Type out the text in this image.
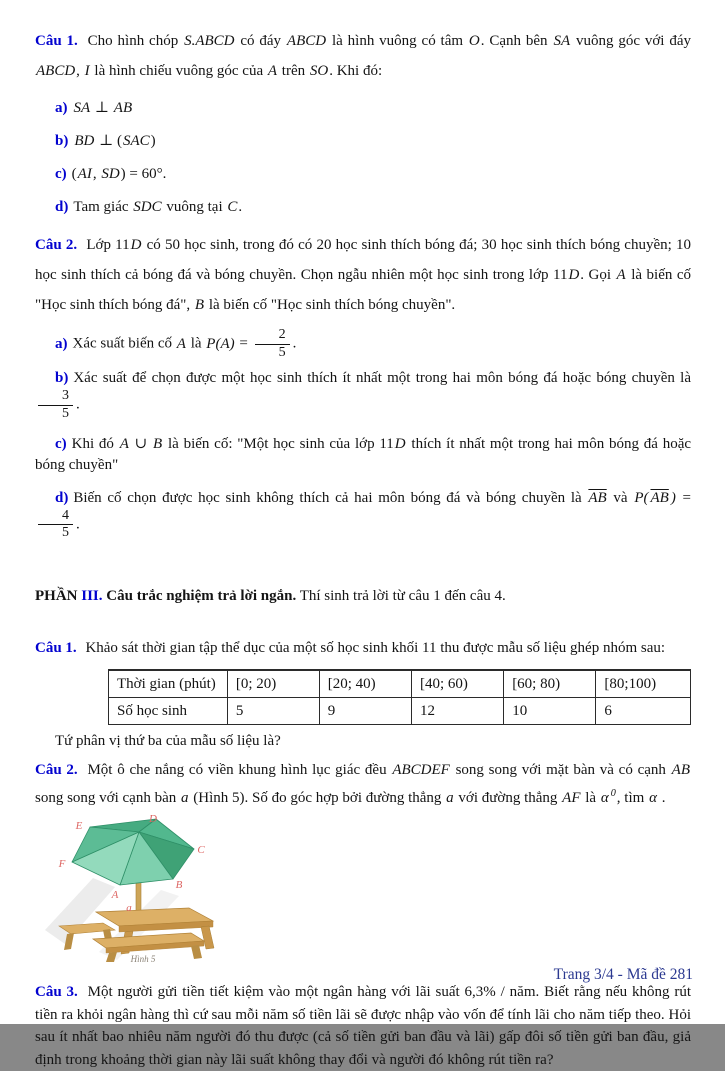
Câu 1. Cho hình chóp S.ABCD có đáy ABCD là hình vuông có tâm O. Cạnh bên SA vuông góc với đáy ABCD, I là hình chiếu vuông góc của A trên SO. Khi đó:

a) SA ⊥ AB

b) BD ⊥ (SAC)

c) (AI, SD) = 60°.

d) Tam giác SDC vuông tại C.

Câu 2. Lớp 11D có 50 học sinh, trong đó có 20 học sinh thích bóng đá; 30 học sinh thích bóng chuyền; 10 học sinh thích cả bóng đá và bóng chuyền. Chọn ngẫu nhiên một học sinh trong lớp 11D. Gọi A là biến cố "Học sinh thích bóng đá", B là biến cố "Học sinh thích bóng chuyền".

a) Xác suất biến cố A là $P(A) = \frac{2}{5}$ .

b) Xác suất để chọn được một học sinh thích ít nhất một trong hai môn bóng đá hoặc bóng chuyền là
$\frac{3}{5}$ .

c) Khi đó A ∪ B là biến cố: "Một học sinh của lớp 11D thích ít nhất một trong hai môn bóng đá hoặc bóng chuyền"

d) Biến cố chọn được học sinh không thích cả hai môn bóng đá và bóng chuyền là $\overline{AB}$ và P( $\overline{AB}$ ) =
$\frac{4}{5}$ .

PHẦN III. Câu trắc nghiệm trả lời ngắn. Thí sinh trả lời từ câu 1 đến câu 4.

Câu 1. Khảo sát thời gian tập thể dục của một số học sinh khối 11 thu được mẫu số liệu ghép nhóm sau:

Thời gian (phút)	[0; 20)	[20; 40)	[40; 60)	[60; 80)	[80;100)
Số học sinh	5	9	12	10	6

Tứ phân vị thứ ba của mẫu số liệu là?

Câu 2. Một ô che nắng có viền khung hình lục giác đều ABCDEF song song với mặt bàn và có cạnh AB song song với cạnh bàn a (Hình 5). Số đo góc hợp bởi đường thẳng a với đường thẳng AF là α $^0$, tìm α .

E
D
C
F
B
A
a
Hình 5

Câu 3. Một người gửi tiền tiết kiệm vào một ngân hàng với lãi suất 6,3% / năm. Biết rằng nếu không rút tiền ra khỏi ngân hàng thì cứ sau mỗi năm số tiền lãi sẽ được nhập vào vốn để tính lãi cho năm tiếp theo. Hỏi sau ít nhất bao nhiêu năm người đó thu được (cả số tiền gửi ban đầu và lãi) gấp đôi số tiền gửi ban đầu, giả định trong khoảng thời gian này lãi suất không thay đổi và người đó không rút tiền ra?

Trang 3/4 - Mã đề 281
